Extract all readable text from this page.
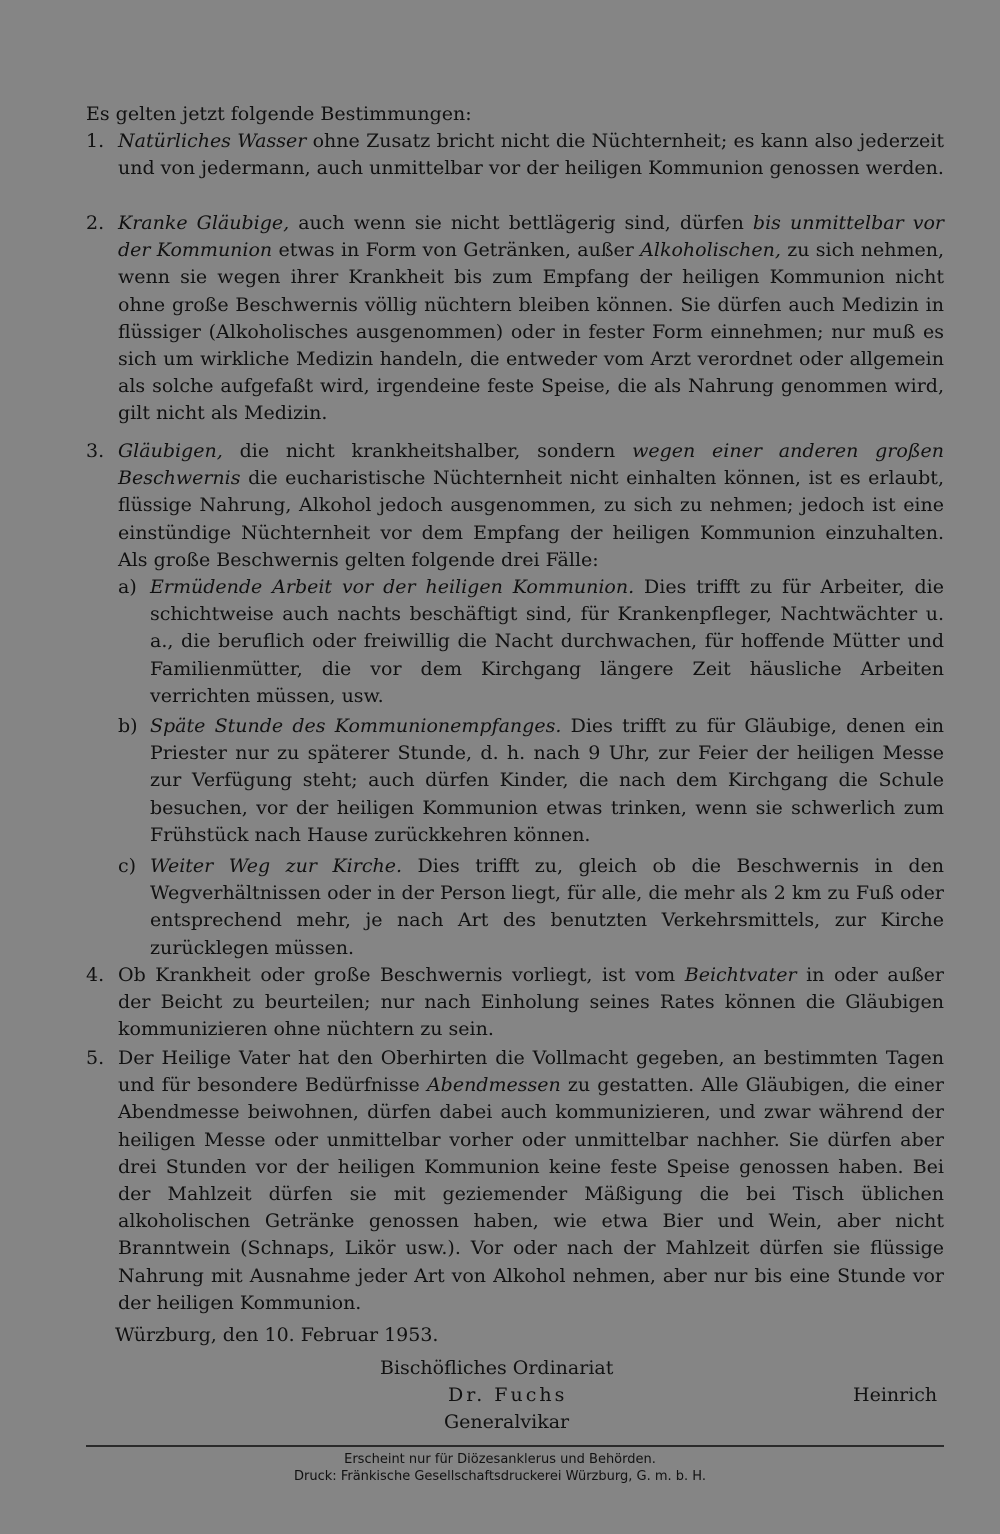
Es gelten jetzt folgende Bestimmungen:

1. Natürliches Wasser ohne Zusatz bricht nicht die Nüchternheit; es kann also jederzeit und von jedermann, auch unmittelbar vor der heiligen Kommunion genossen werden.
2. Kranke Gläubige, auch wenn sie nicht bettlägerig sind, dürfen bis unmittelbar vor der Kommunion etwas in Form von Getränken, außer Alkoholischen, zu sich nehmen, wenn sie wegen ihrer Krankheit bis zum Empfang der heiligen Kommunion nicht ohne große Beschwernis völlig nüchtern bleiben können. Sie dürfen auch Medizin in flüssiger (Alkoholisches ausgenommen) oder in fester Form einnehmen; nur muß es sich um wirkliche Medizin handeln, die entweder vom Arzt verordnet oder allgemein als solche aufgefaßt wird, irgendeine feste Speise, die als Nahrung genommen wird, gilt nicht als Medizin.
3. Gläubigen, die nicht krankheitshalber, sondern wegen einer anderen großen Beschwernis die eucharistische Nüchternheit nicht einhalten können, ist es erlaubt, flüssige Nahrung, Alkohol jedoch ausgenommen, zu sich zu nehmen; jedoch ist eine einstündige Nüchternheit vor dem Empfang der heiligen Kommunion einzuhalten. Als große Beschwernis gelten folgende drei Fälle:
a) Ermüdende Arbeit vor der heiligen Kommunion. Dies trifft zu für Arbeiter, die schichtweise auch nachts beschäftigt sind, für Krankenpfleger, Nachtwächter u. a., die beruflich oder freiwillig die Nacht durchwachen, für hoffende Mütter und Familienmütter, die vor dem Kirchgang längere Zeit häusliche Arbeiten verrichten müssen, usw.
b) Späte Stunde des Kommunionempfanges. Dies trifft zu für Gläubige, denen ein Priester nur zu späterer Stunde, d. h. nach 9 Uhr, zur Feier der heiligen Messe zur Verfügung steht; auch dürfen Kinder, die nach dem Kirchgang die Schule besuchen, vor der heiligen Kommunion etwas trinken, wenn sie schwerlich zum Frühstück nach Hause zurückkehren können.
c) Weiter Weg zur Kirche. Dies trifft zu, gleich ob die Beschwernis in den Wegverhältnissen oder in der Person liegt, für alle, die mehr als 2 km zu Fuß oder entsprechend mehr, je nach Art des benutzten Verkehrsmittels, zur Kirche zurücklegen müssen.
4. Ob Krankheit oder große Beschwernis vorliegt, ist vom Beichtvater in oder außer der Beicht zu beurteilen; nur nach Einholung seines Rates können die Gläubigen kommunizieren ohne nüchtern zu sein.
5. Der Heilige Vater hat den Oberhirten die Vollmacht gegeben, an bestimmten Tagen und für besondere Bedürfnisse Abendmessen zu gestatten. Alle Gläubigen, die einer Abendmesse beiwohnen, dürfen dabei auch kommunizieren, und zwar während der heiligen Messe oder unmittelbar vorher oder unmittelbar nachher. Sie dürfen aber drei Stunden vor der heiligen Kommunion keine feste Speise genossen haben. Bei der Mahlzeit dürfen sie mit geziemender Mäßigung die bei Tisch üblichen alkoholischen Getränke genossen haben, wie etwa Bier und Wein, aber nicht Branntwein (Schnaps, Likör usw.). Vor oder nach der Mahlzeit dürfen sie flüssige Nahrung mit Ausnahme jeder Art von Alkohol nehmen, aber nur bis eine Stunde vor der heiligen Kommunion.

Würzburg, den 10. Februar 1953.

Bischöfliches Ordinariat

Dr. Fuchs

Generalvikar

Heinrich

Erscheint nur für Diözesanklerus und Behörden.

Druck: Fränkische Gesellschaftsdruckerei Würzburg, G. m. b. H.
